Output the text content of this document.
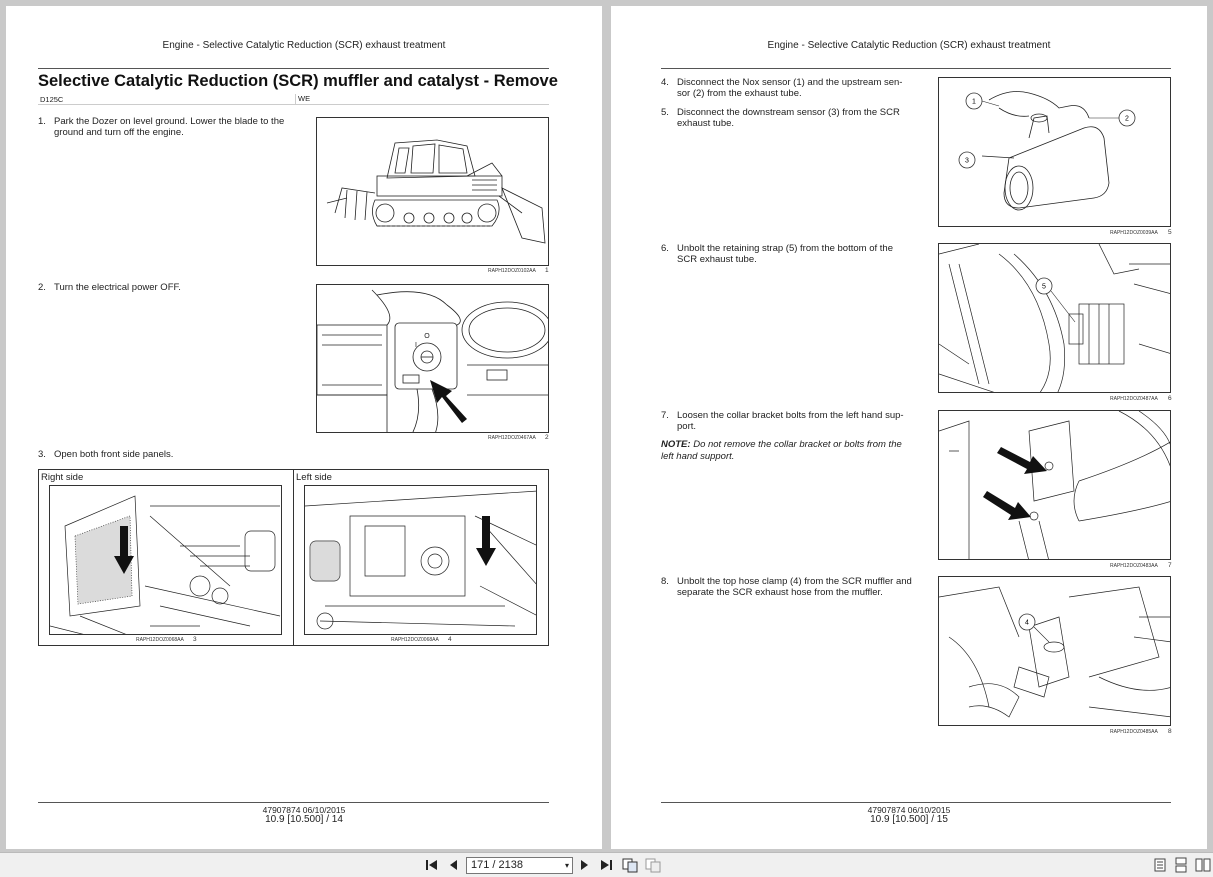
Engine - Selective Catalytic Reduction (SCR) exhaust treatment
Selective Catalytic Reduction (SCR) muffler and catalyst - Remove
D125C	WE
1. Park the Dozer on level ground. Lower the blade to the
ground and turn off the engine.
RAPH12DOZ0102AA 1
2. Turn the electrical power OFF.
O
I
RAPH12DOZ0467AA 2
3. Open both front side panels.
Right side
RAPH12DOZ0068AA 3
Left side
RAPH12DOZ0068AA 4
47907874 06/10/2015
10.9 [10.500] / 14
Engine - Selective Catalytic Reduction (SCR) exhaust treatment
4. Disconnect the Nox sensor (1) and the upstream sen-
sor (2) from the exhaust tube.
5. Disconnect the downstream sensor (3) from the SCR
exhaust tube.
1
2
3
RAPH12DOZ0039AA 5
6. Unbolt the retaining strap (5) from the bottom of the
SCR exhaust tube.
5
RAPH12DOZ0487AA 6
7. Loosen the collar bracket bolts from the left hand sup-
port.
NOTE: Do not remove the collar bracket or bolts from the
left hand support.
RAPH12DOZ0483AA 7
8. Unbolt the top hose clamp (4) from the SCR muffler and
separate the SCR exhaust hose from the muffler.
4
RAPH12DOZ0485AA 8
47907874 06/10/2015
10.9 [10.500] / 15
171 / 2138	▾
